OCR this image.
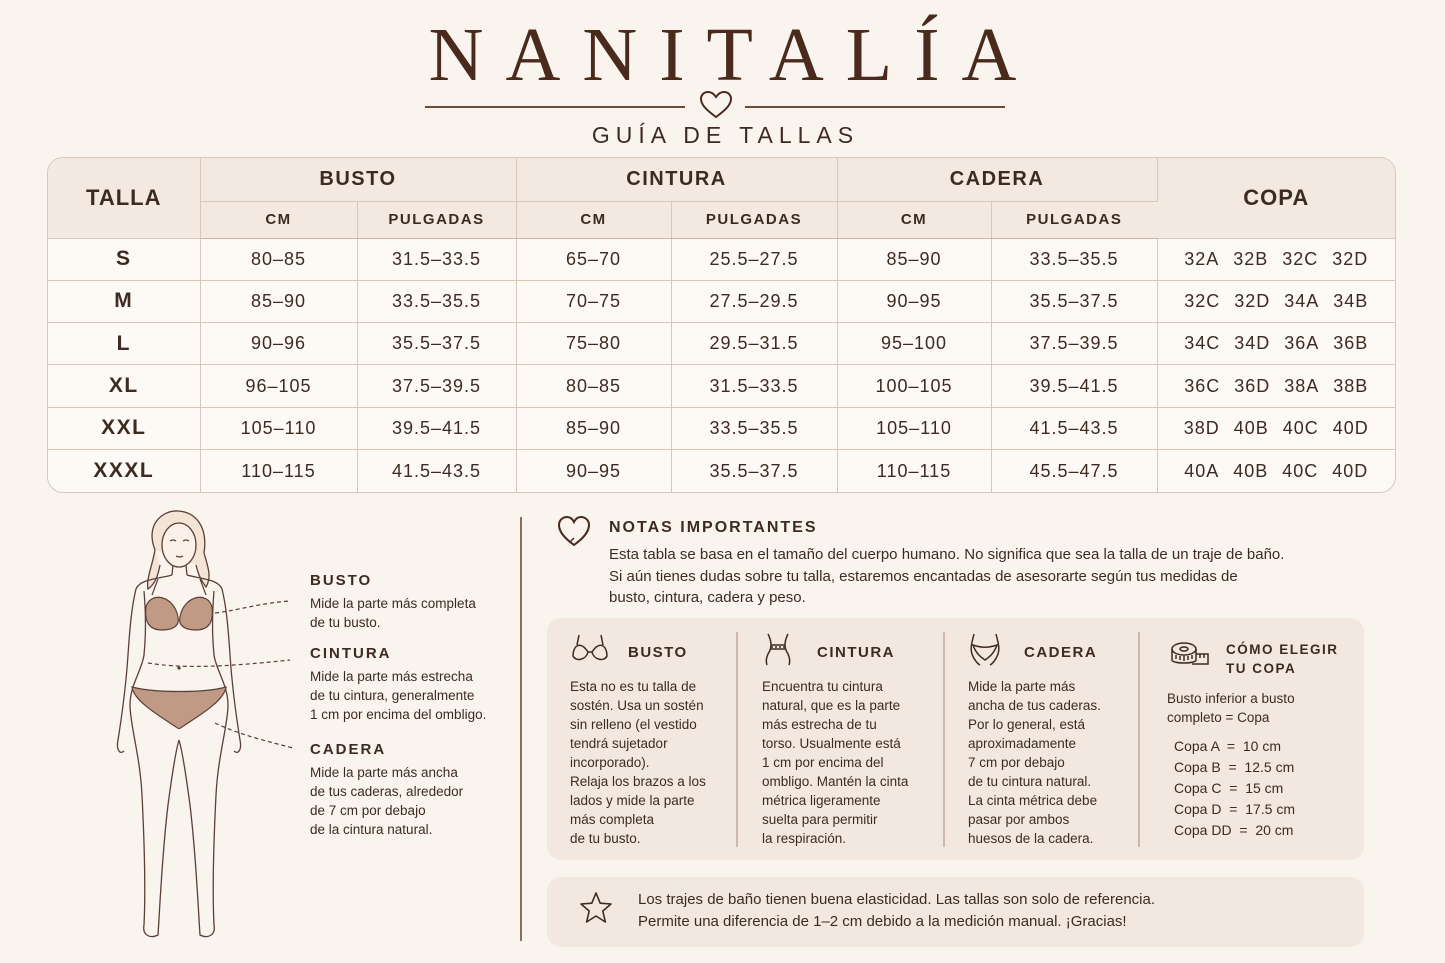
NANITALÍA
GUÍA DE TALLAS
TALLA	BUSTO		CINTURA		CADERA		COPA
	CM	PULGADAS	CM	PULGADAS	CM	PULGADAS	
S	80–85	31.5–33.5	65–70	25.5–27.5	85–90	33.5–35.5	32A 32B 32C 32D
M	85–90	33.5–35.5	70–75	27.5–29.5	90–95	35.5–37.5	32C 32D 34A 34B
L	90–96	35.5–37.5	75–80	29.5–31.5	95–100	37.5–39.5	34C 34D 36A 36B
XL	96–105	37.5–39.5	80–85	31.5–33.5	100–105	39.5–41.5	36C 36D 38A 38B
XXL	105–110	39.5–41.5	85–90	33.5–35.5	105–110	41.5–43.5	38D 40B 40C 40D
XXXL	110–115	41.5–43.5	90–95	35.5–37.5	110–115	45.5–47.5	40A 40B 40C 40D
BUSTO
Mide la parte más completa
de tu busto.
CINTURA
Mide la parte más estrecha
de tu cintura, generalmente
1 cm por encima del ombligo.
CADERA
Mide la parte más ancha
de tus caderas, alrededor
de 7 cm por debajo
de la cintura natural.
NOTAS IMPORTANTES
Esta tabla se basa en el tamaño del cuerpo humano. No significa que sea la talla de un traje de baño.
Si aún tienes dudas sobre tu talla, estaremos encantadas de asesorarte según tus medidas de
busto, cintura, cadera y peso.
BUSTO
Esta no es tu talla de
sostén. Usa un sostén
sin relleno (el vestido
tendrá sujetador
incorporado).
Relaja los brazos a los
lados y mide la parte
más completa
de tu busto.
CINTURA
Encuentra tu cintura
natural, que es la parte
más estrecha de tu
torso. Usualmente está
1 cm por encima del
ombligo. Mantén la cinta
métrica ligeramente
suelta para permitir
la respiración.
CADERA
Mide la parte más
ancha de tus caderas.
Por lo general, está
aproximadamente
7 cm por debajo
de tu cintura natural.
La cinta métrica debe
pasar por ambos
huesos de la cadera.
CÓMO ELEGIR
TU COPA
Busto inferior a busto
completo = Copa
Copa A  =  10 cm
Copa B  =  12.5 cm
Copa C  =  15 cm
Copa D  =  17.5 cm
Copa DD  =  20 cm
Los trajes de baño tienen buena elasticidad. Las tallas son solo de referencia.
Permite una diferencia de 1–2 cm debido a la medición manual. ¡Gracias!
